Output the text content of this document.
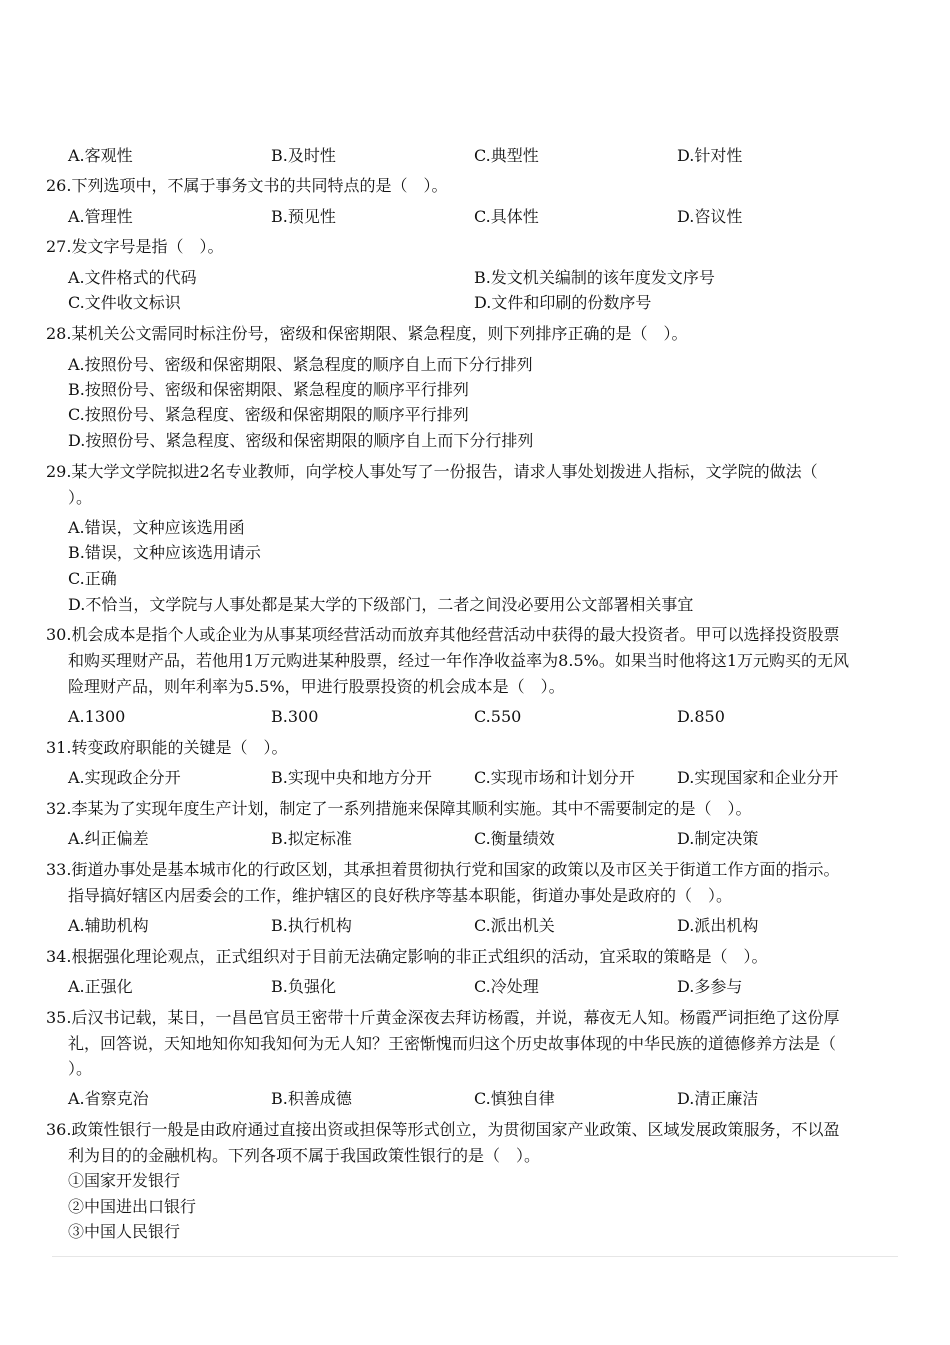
A.客观性	B.及时性	C.典型性	D.针对性
26.下列选项中，不属于事务文书的共同特点的是（　）。
A.管理性	B.预见性	C.具体性	D.咨议性
27.发文字号是指（　）。
A.文件格式的代码	B.发文机关编制的该年度发文序号
C.文件收文标识	D.文件和印刷的份数序号
28.某机关公文需同时标注份号，密级和保密期限、紧急程度，则下列排序正确的是（　）。
A.按照份号、密级和保密期限、紧急程度的顺序自上而下分行排列
B.按照份号、密级和保密期限、紧急程度的顺序平行排列
C.按照份号、紧急程度、密级和保密期限的顺序平行排列
D.按照份号、紧急程度、密级和保密期限的顺序自上而下分行排列
29.某大学文学院拟进2名专业教师，向学校人事处写了一份报告，请求人事处划拨进人指标，文学院的做法（
）。
A.错误，文种应该选用函
B.错误，文种应该选用请示
C.正确
D.不恰当，文学院与人事处都是某大学的下级部门，二者之间没必要用公文部署相关事宜
30.机会成本是指个人或企业为从事某项经营活动而放弃其他经营活动中获得的最大投资者。甲可以选择投资股票
和购买理财产品，若他用1万元购进某种股票，经过一年作净收益率为8.5%。如果当时他将这1万元购买的无风
险理财产品，则年利率为5.5%，甲进行股票投资的机会成本是（　）。
A.1300	B.300	C.550	D.850
31.转变政府职能的关键是（　）。
A.实现政企分开	B.实现中央和地方分开	C.实现市场和计划分开	D.实现国家和企业分开
32.李某为了实现年度生产计划，制定了一系列措施来保障其顺利实施。其中不需要制定的是（　）。
A.纠正偏差	B.拟定标准	C.衡量绩效	D.制定决策
33.街道办事处是基本城市化的行政区划，其承担着贯彻执行党和国家的政策以及市区关于街道工作方面的指示。
指导搞好辖区内居委会的工作，维护辖区的良好秩序等基本职能，街道办事处是政府的（　）。
A.辅助机构	B.执行机构	C.派出机关	D.派出机构
34.根据强化理论观点，正式组织对于目前无法确定影响的非正式组织的活动，宜采取的策略是（　）。
A.正强化	B.负强化	C.冷处理	D.多参与
35.后汉书记载，某日，一昌邑官员王密带十斤黄金深夜去拜访杨霞，并说，幕夜无人知。杨霞严词拒绝了这份厚
礼，回答说，天知地知你知我知何为无人知？王密惭愧而归这个历史故事体现的中华民族的道德修养方法是（
）。
A.省察克治	B.积善成德	C.慎独自律	D.清正廉洁
36.政策性银行一般是由政府通过直接出资或担保等形式创立，为贯彻国家产业政策、区域发展政策服务，不以盈
利为目的的金融机构。下列各项不属于我国政策性银行的是（　）。
①国家开发银行
②中国进出口银行
③中国人民银行
